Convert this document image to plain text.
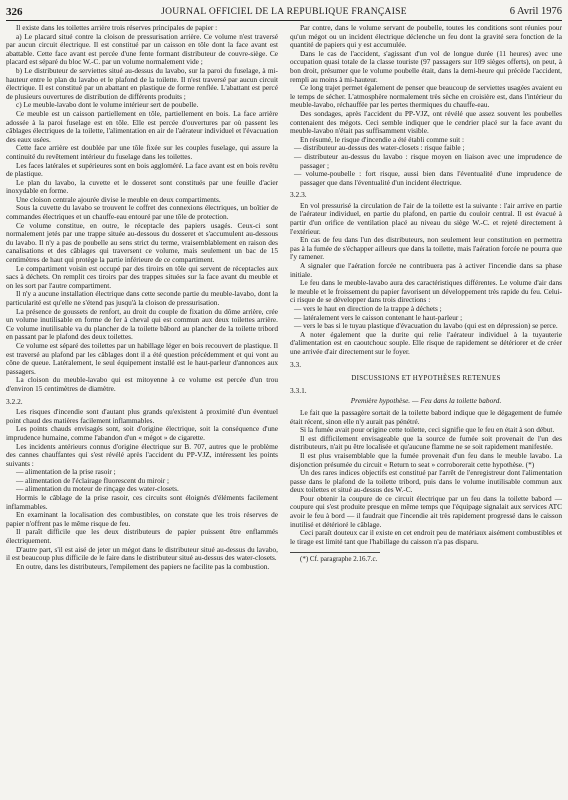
326	JOURNAL OFFICIEL DE LA REPUBLIQUE FRANÇAISE	6 Avril 1976

Il existe dans les toilettes arrière trois réserves principales de papier :

a) Le placard situé contre la cloison de pressurisation arrière. Ce volume n'est traversé par aucun circuit électrique. Il est constitué par un caisson en tôle dont la face avant est abattable. Cette face avant est percée d'une fente formant distributeur de couvre-siège. Ce placard est séparé du bloc W.-C. par un volume normalement vide ;

b) Le distributeur de serviettes situé au-dessus du lavabo, sur la paroi du fuselage, à mi-hauteur entre le plan du lavabo et le plafond de la toilette. Il n'est traversé par aucun circuit électrique. Il est constitué par un abattant en plastique de forme renflée. L'abattant est percé de plusieurs ouvertures de distribution de différents produits ;

c) Le meuble-lavabo dont le volume intérieur sert de poubelle.

Ce meuble est un caisson partiellement en tôle, partiellement en bois. La face arrière adossée à la paroi fuselage est en tôle. Elle est percée d'ouvertures par où passent les câblages électriques de la toilette, l'alimentation en air de l'aérateur individuel et l'évacuation des eaux usées.

Cette face arrière est doublée par une tôle fixée sur les couples fuselage, qui assure la continuité du revêtement intérieur du fuselage dans les toilettes.

Les faces latérales et supérieures sont en bois aggloméré. La face avant est en bois revêtu de plastique.

Le plan du lavabo, la cuvette et le dosseret sont constitués par une feuille d'acier inoxydable en forme.

Une cloison centrale ajourée divise le meuble en deux compartiments.

Sous la cuvette du lavabo se trouvent le coffret des connexions électriques, un boîtier de commandes électriques et un chauffe-eau entouré par une tôle de protection.

Ce volume constitue, en outre, le réceptacle des papiers usagés. Ceux-ci sont normalement jetés par une trappe située au-dessous du dosseret et s'accumulent au-dessous du lavabo. Il n'y a pas de poubelle au sens strict du terme, vraisemblablement en raison des canalisations et des câblages qui traversent ce volume, mais seulement un bac de 15 centimètres de haut qui protège la partie inférieure de ce compartiment.

Le compartiment voisin est occupé par des tiroirs en tôle qui servent de réceptacles aux sacs à déchets. On remplit ces tiroirs par des trappes situées sur la face avant du meuble et on les sort par l'autre compartiment.

Il n'y a aucune installation électrique dans cette seconde partie du meuble-lavabo, dont la particularité est qu'elle ne s'étend pas jusqu'à la cloison de pressurisation.

La présence de goussets de renfort, au droit du couple de fixation du dôme arrière, crée un volume inutilisable en forme de fer à cheval qui est commun aux deux toilettes arrière. Ce volume inutilisable va du plancher de la toilette bâbord au plancher de la toilette tribord en passant par le plafond des deux toilettes.

Ce volume est séparé des toilettes par un habillage léger en bois recouvert de plastique. Il est traversé au plafond par les câblages dont il a été question précédemment et qui vont au cône de queue. Latéralement, le seul équipement installé est le haut-parleur d'annonces aux passagers.

La cloison du meuble-lavabo qui est mitoyenne à ce volume est percée d'un trou d'environ 15 centimètres de diamètre.

3.2.2.

Les risques d'incendie sont d'autant plus grands qu'existent à proximité d'un éventuel point chaud des matières facilement inflammables.

Les points chauds envisagés sont, soit d'origine électrique, soit la conséquence d'une imprudence humaine, comme l'abandon d'un « mégot » de cigarette.

Les incidents antérieurs connus d'origine électrique sur B. 707, autres que le problème des cannes chauffantes qui s'est révélé après l'accident du PP-VJZ, intéressent les points suivants :

— alimentation de la prise rasoir ;

— alimentation de l'éclairage fluorescent du miroir ;

— alimentation du moteur de rinçage des water-closets.

Hormis le câblage de la prise rasoir, ces circuits sont éloignés d'éléments facilement inflammables.

En examinant la localisation des combustibles, on constate que les trois réserves de papier n'offrent pas le même risque de feu.

Il paraît difficile que les deux distributeurs de papier puissent être enflammés électriquement.

D'autre part, s'il est aisé de jeter un mégot dans le distributeur situé au-dessus du lavabo, il est beaucoup plus difficile de le faire dans le distributeur situé au-dessus des water-closets.

En outre, dans les distributeurs, l'empilement des papiers ne facilite pas la combustion.

Par contre, dans le volume servant de poubelle, toutes les conditions sont réunies pour qu'un mégot ou un incident électrique déclenche un feu dont la gravité sera fonction de la quantité de papiers qui y est accumulée.

Dans le cas de l'accident, s'agissant d'un vol de longue durée (11 heures) avec une occupation quasi totale de la classe touriste (97 passagers sur 109 sièges offerts), on peut, à bon droit, présumer que le volume poubelle était, dans la demi-heure qui précède l'accident, rempli au moins à mi-hauteur.

Ce long trajet permet également de penser que beaucoup de serviettes usagées avaient eu le temps de sécher. L'atmosphère normalement très sèche en croisière est, dans l'intérieur du meuble-lavabo, réchauffée par les pertes thermiques du chauffe-eau.

Des sondages, après l'accident du PP-VJZ, ont révélé que assez souvent les poubelles contenaient des mégots. Ceci semble indiquer que le cendrier placé sur la face avant du meuble-lavabo n'était pas suffisamment visible.

En résumé, le risque d'incendie a été établi comme suit :

— distributeur au-dessus des water-closets : risque faible ;

— distributeur au-dessus du lavabo : risque moyen en liaison avec une imprudence de passager ;

— volume-poubelle : fort risque, aussi bien dans l'éventualité d'une imprudence de passager que dans l'éventualité d'un incident électrique.

3.2.3.

En vol pressurisé la circulation de l'air de la toilette est la suivante : l'air arrive en partie de l'aérateur individuel, en partie du plafond, en partie du couloir central. Il est évacué à partir d'un orifice de ventilation placé au niveau du siège W.-C. et rejeté directement à l'extérieur.

En cas de feu dans l'un des distributeurs, non seulement leur constitution en permettra pas à la fumée de s'échapper ailleurs que dans la toilette, mais l'aération forcée ne pourra que l'y ramener.

A signaler que l'aération forcée ne contribuera pas à activer l'incendie dans sa phase initiale.

Le feu dans le meuble-lavabo aura des caractéristiques différentes. Le volume d'air dans le meuble et le froissement du papier favorisent un développement très rapide du feu. Celui-ci risque de se développer dans trois directions :

— vers le haut en direction de la trappe à déchets ;

— latéralement vers le caisson contenant le haut-parleur ;

— vers le bas si le tuyau plastique d'évacuation du lavabo (qui est en dépression) se perce.

A noter également que la durite qui relie l'aérateur individuel à la tuyauterie d'alimentation est en caoutchouc souple. Elle risque de rapidement se détériorer et de créer une arrivée d'air directement sur le foyer.

3.3.
DISCUSSIONS ET HYPOTHÈSES RETENUES
3.3.1.
Première hypothèse. — Feu dans la toilette babord.

Le fait que la passagère sortait de la toilette babord indique que le dégagement de fumée était récent, sinon elle n'y aurait pas pénétré.

Si la fumée avait pour origine cette toilette, ceci signifie que le feu en était à son début.

Il est difficilement envisageable que la source de fumée soit provenait de l'un des distributeurs, n'ait pu être localisée et qu'aucune flamme ne se soit rapidement manifestée.

Il est plus vraisemblable que la fumée provenait d'un feu dans le meuble lavabo. La disjonction présumée du circuit « Return to seat » corroborerait cette hypothèse. (*)

Un des rares indices objectifs est constitué par l'arrêt de l'enregistreur dont l'alimentation passe dans le plafond de la toilette tribord, puis dans le volume inutilisable commun aux deux toilettes et situé au-dessus des W.-C.

Pour obtenir la coupure de ce circuit électrique par un feu dans la toilette babord — coupure qui s'est produite presque en même temps que l'équipage signalait aux services ATC avoir le feu à bord — il faudrait que l'incendie ait très rapidement progressé dans le caisson inutilisé et détérioré le câblage.

Ceci paraît douteux car il existe en cet endroit peu de matériaux aisément combustibles et le tirage est limité tant que l'habillage du caisson n'a pas disparu.

(*) Cf. paragraphe 2.16.7.c.
